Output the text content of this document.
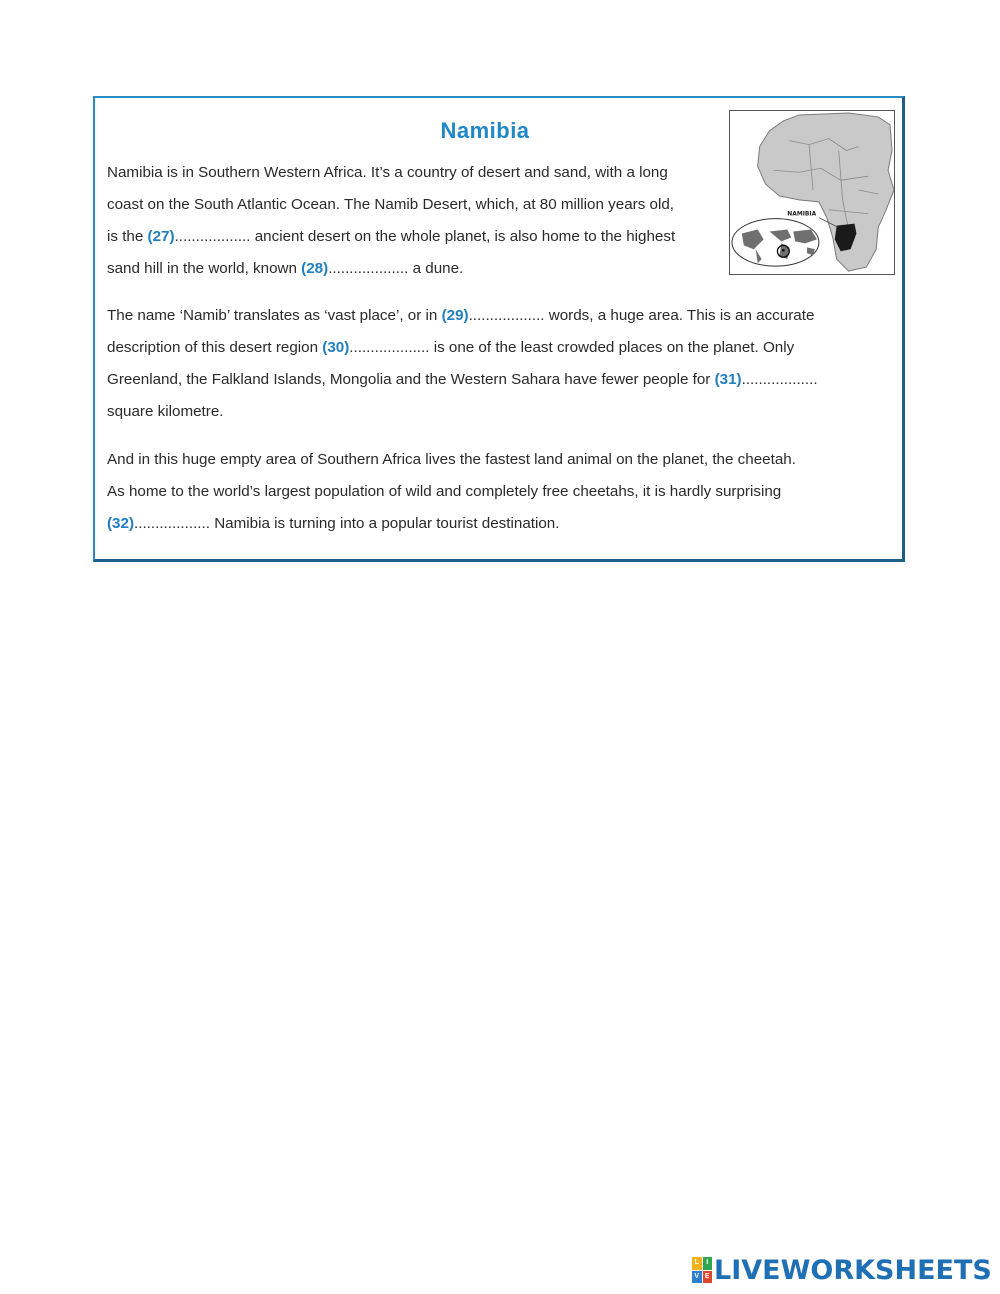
Namibia
NAMIBIA

Namibia is in Southern Western Africa. It’s a country of desert and sand, with a long
coast on the South Atlantic Ocean. The Namib Desert, which, at 80 million years old,
is the (27).................. ancient desert on the whole planet, is also home to the highest
sand hill in the world, known (28)................... a dune.

The name ‘Namib’ translates as ‘vast place’, or in (29).................. words, a huge area. This is an accurate
description of this desert region (30)................... is one of the least crowded places on the planet. Only
Greenland, the Falkland Islands, Mongolia and the Western Sahara have fewer people for (31)..................
square kilometre.

And in this huge empty area of Southern Africa lives the fastest land animal on the planet, the cheetah.
As home to the world’s largest population of wild and completely free cheetahs, it is hardly surprising
(32).................. Namibia is turning into a popular tourist destination.

L	I
V E LIVEWORKSHEETS
